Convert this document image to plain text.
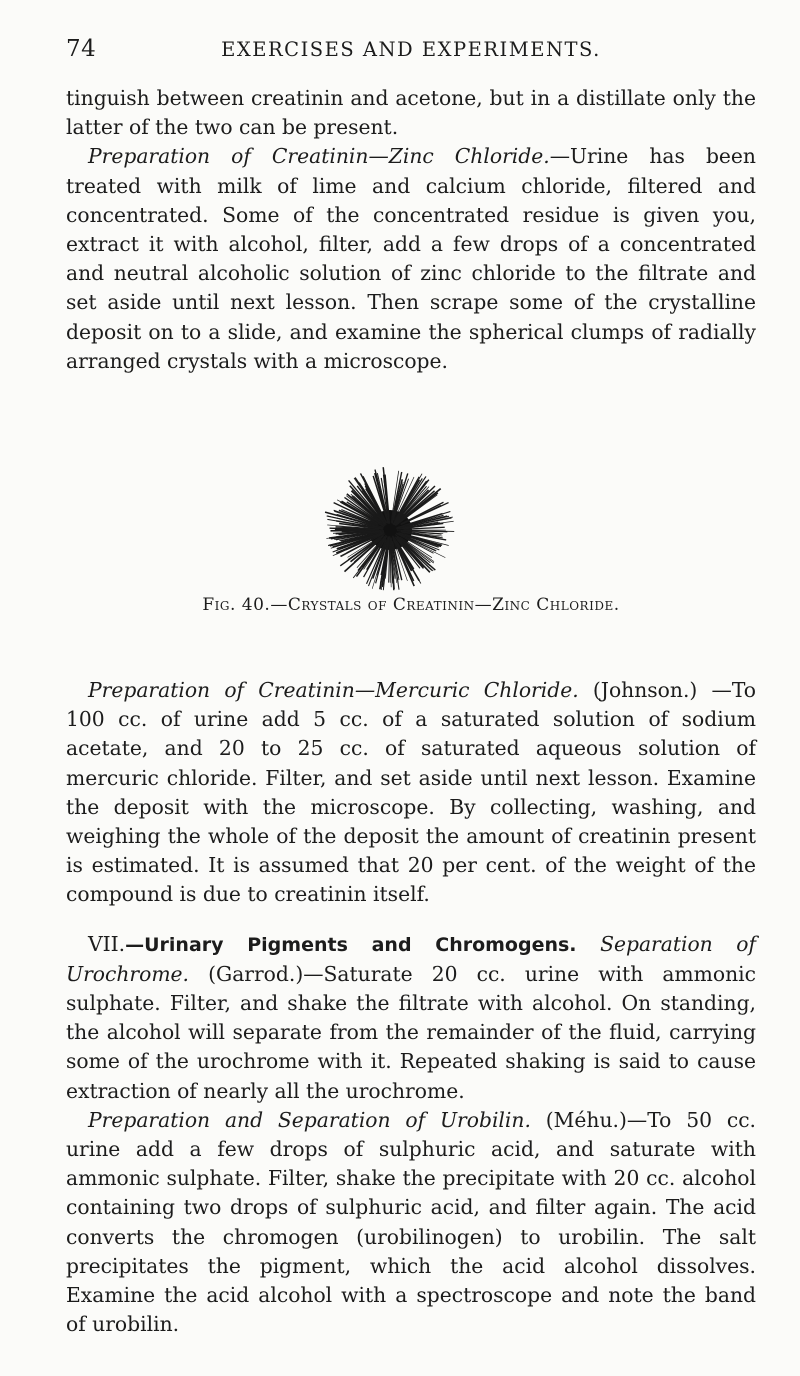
74	EXERCISES AND EXPERIMENTS.

tinguish between creatinin and acetone, but in a distillate only the latter of the two can be present.

Preparation of Creatinin—Zinc Chloride.—Urine has been treated with milk of lime and calcium chloride, filtered and concentrated. Some of the concentrated residue is given you, extract it with alcohol, filter, add a few drops of a concentrated and neutral alcoholic solution of zinc chloride to the filtrate and set aside until next lesson. Then scrape some of the crystalline deposit on to a slide, and examine the spherical clumps of radially arranged crystals with a microscope.

Fig. 40.—Crystals of Creatinin—Zinc Chloride.

Preparation of Creatinin—Mercuric Chloride. (Johnson.) —To 100 cc. of urine add 5 cc. of a saturated solution of sodium acetate, and 20 to 25 cc. of saturated aqueous solution of mercuric chloride. Filter, and set aside until next lesson. Examine the deposit with the microscope. By collecting, washing, and weighing the whole of the deposit the amount of creatinin present is estimated. It is assumed that 20 per cent. of the weight of the compound is due to creatinin itself.

VII.—Urinary Pigments and Chromogens. Separation of Urochrome. (Garrod.)—Saturate 20 cc. urine with ammonic sulphate. Filter, and shake the filtrate with alcohol. On standing, the alcohol will separate from the remainder of the fluid, carrying some of the urochrome with it. Repeated shaking is said to cause extraction of nearly all the urochrome.

Preparation and Separation of Urobilin. (Méhu.)—To 50 cc. urine add a few drops of sulphuric acid, and saturate with ammonic sulphate. Filter, shake the precipitate with 20 cc. alcohol containing two drops of sulphuric acid, and filter again. The acid converts the chromogen (urobilinogen) to urobilin. The salt precipitates the pigment, which the acid alcohol dissolves. Examine the acid alcohol with a spectroscope and note the band of urobilin.
